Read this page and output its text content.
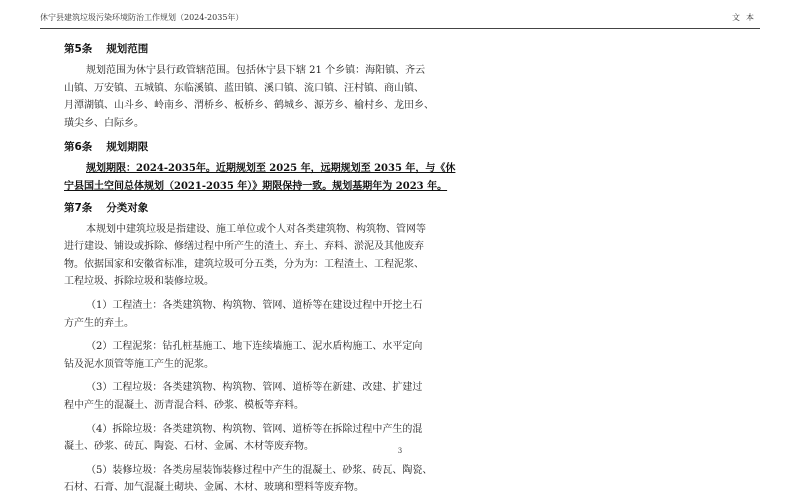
休宁县建筑垃圾污染环境防治工作规划（2024-2035年）	文本
第5条 规划范围

规划范围为休宁县行政管辖范围。包括休宁县下辖 21 个乡镇：海阳镇、齐云

山镇、万安镇、五城镇、东临溪镇、蓝田镇、溪口镇、流口镇、汪村镇、商山镇、

月潭湖镇、山斗乡、岭南乡、渭桥乡、板桥乡、鹤城乡、源芳乡、榆村乡、龙田乡、

璜尖乡、白际乡。

第6条 规划期限

规划期限：2024-2035年。近期规划至 2025 年，远期规划至 2035 年，与《休

宁县国土空间总体规划（2021-2035 年）》期限保持一致。规划基期年为 2023 年。

第7条 分类对象

本规划中建筑垃圾是指建设、施工单位或个人对各类建筑物、构筑物、管网等

进行建设、铺设或拆除、修缮过程中所产生的渣土、弃土、弃料、淤泥及其他废弃

物。依据国家和安徽省标准，建筑垃圾可分五类，分为为：工程渣土、工程泥浆、

工程垃圾、拆除垃圾和装修垃圾。

（1）工程渣土：各类建筑物、构筑物、管网、道桥等在建设过程中开挖土石

方产生的弃土。

（2）工程泥浆：钻孔桩基施工、地下连续墙施工、泥水盾构施工、水平定向

钻及泥水顶管等施工产生的泥浆。

（3）工程垃圾：各类建筑物、构筑物、管网、道桥等在新建、改建、扩建过

程中产生的混凝土、沥青混合料、砂浆、模板等弃料。

（4）拆除垃圾：各类建筑物、构筑物、管网、道桥等在拆除过程中产生的混

凝土、砂浆、砖瓦、陶瓷、石材、金属、木材等废弃物。

（5）装修垃圾：各类房屋装饰装修过程中产生的混凝土、砂浆、砖瓦、陶瓷、

石材、石膏、加气混凝土砌块、金属、木材、玻璃和塑料等废弃物。

3
